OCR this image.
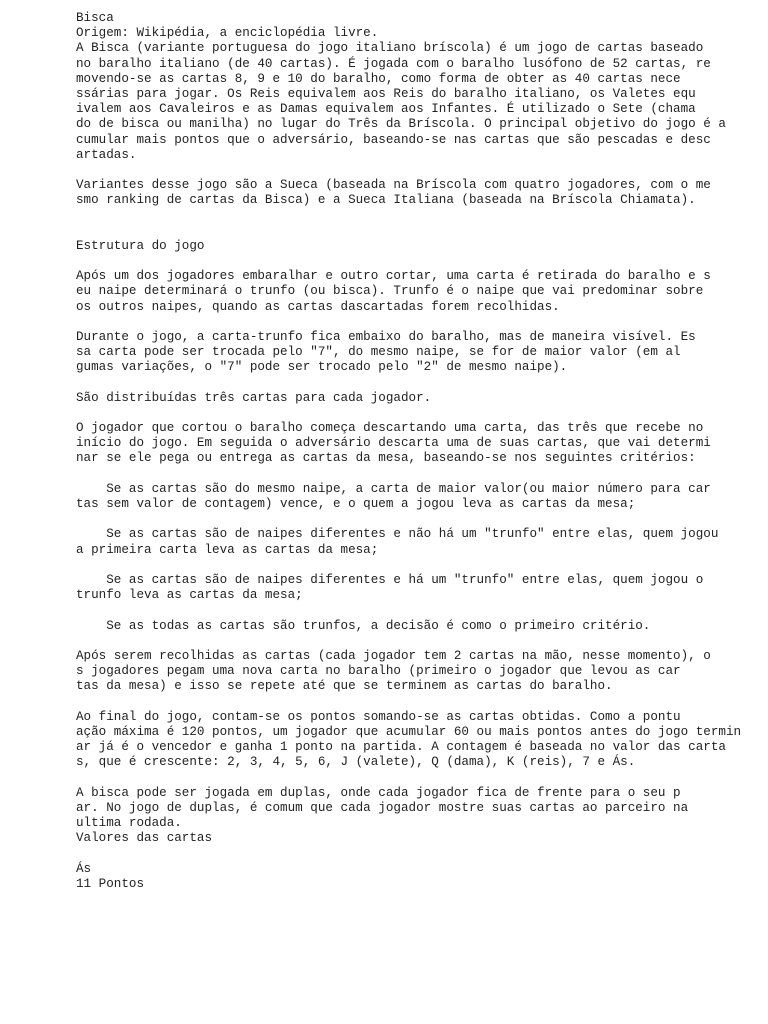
Bisca
Origem: Wikipédia, a enciclopédia livre.
A Bisca (variante portuguesa do jogo italiano bríscola) é um jogo de cartas baseado
no baralho italiano (de 40 cartas). É jogada com o baralho lusófono de 52 cartas, re
movendo-se as cartas 8, 9 e 10 do baralho, como forma de obter as 40 cartas nece
ssárias para jogar. Os Reis equivalem aos Reis do baralho italiano, os Valetes equ
ivalem aos Cavaleiros e as Damas equivalem aos Infantes. É utilizado o Sete (chama
do de bisca ou manilha) no lugar do Três da Bríscola. O principal objetivo do jogo é a
cumular mais pontos que o adversário, baseando-se nas cartas que são pescadas e desc
artadas.
Variantes desse jogo são a Sueca (baseada na Bríscola com quatro jogadores, com o me
smo ranking de cartas da Bisca) e a Sueca Italiana (baseada na Bríscola Chiamata).
Estrutura do jogo
Após um dos jogadores embaralhar e outro cortar, uma carta é retirada do baralho e s
eu naipe determinará o trunfo (ou bisca). Trunfo é o naipe que vai predominar sobre
os outros naipes, quando as cartas dascartadas forem recolhidas.
Durante o jogo, a carta-trunfo fica embaixo do baralho, mas de maneira visível. Es
sa carta pode ser trocada pelo "7", do mesmo naipe, se for de maior valor (em al
gumas variações, o "7" pode ser trocado pelo "2" de mesmo naipe).
São distribuídas três cartas para cada jogador.
O jogador que cortou o baralho começa descartando uma carta, das três que recebe no
início do jogo. Em seguida o adversário descarta uma de suas cartas, que vai determi
nar se ele pega ou entrega as cartas da mesa, baseando-se nos seguintes critérios:
Se as cartas são do mesmo naipe, a carta de maior valor(ou maior número para car
tas sem valor de contagem) vence, e o quem a jogou leva as cartas da mesa;
Se as cartas são de naipes diferentes e não há um "trunfo" entre elas, quem jogou
a primeira carta leva as cartas da mesa;
Se as cartas são de naipes diferentes e há um "trunfo" entre elas, quem jogou o
trunfo leva as cartas da mesa;
Se as todas as cartas são trunfos, a decisão é como o primeiro critério.
Após serem recolhidas as cartas (cada jogador tem 2 cartas na mão, nesse momento), o
s jogadores pegam uma nova carta no baralho (primeiro o jogador que levou as car
tas da mesa) e isso se repete até que se terminem as cartas do baralho.
Ao final do jogo, contam-se os pontos somando-se as cartas obtidas. Como a pontu
ação máxima é 120 pontos, um jogador que acumular 60 ou mais pontos antes do jogo termin
ar já é o vencedor e ganha 1 ponto na partida. A contagem é baseada no valor das carta
s, que é crescente: 2, 3, 4, 5, 6, J (valete), Q (dama), K (reis), 7 e Ás.
A bisca pode ser jogada em duplas, onde cada jogador fica de frente para o seu p
ar. No jogo de duplas, é comum que cada jogador mostre suas cartas ao parceiro na
ultima rodada.
Valores das cartas
Ás
11 Pontos
